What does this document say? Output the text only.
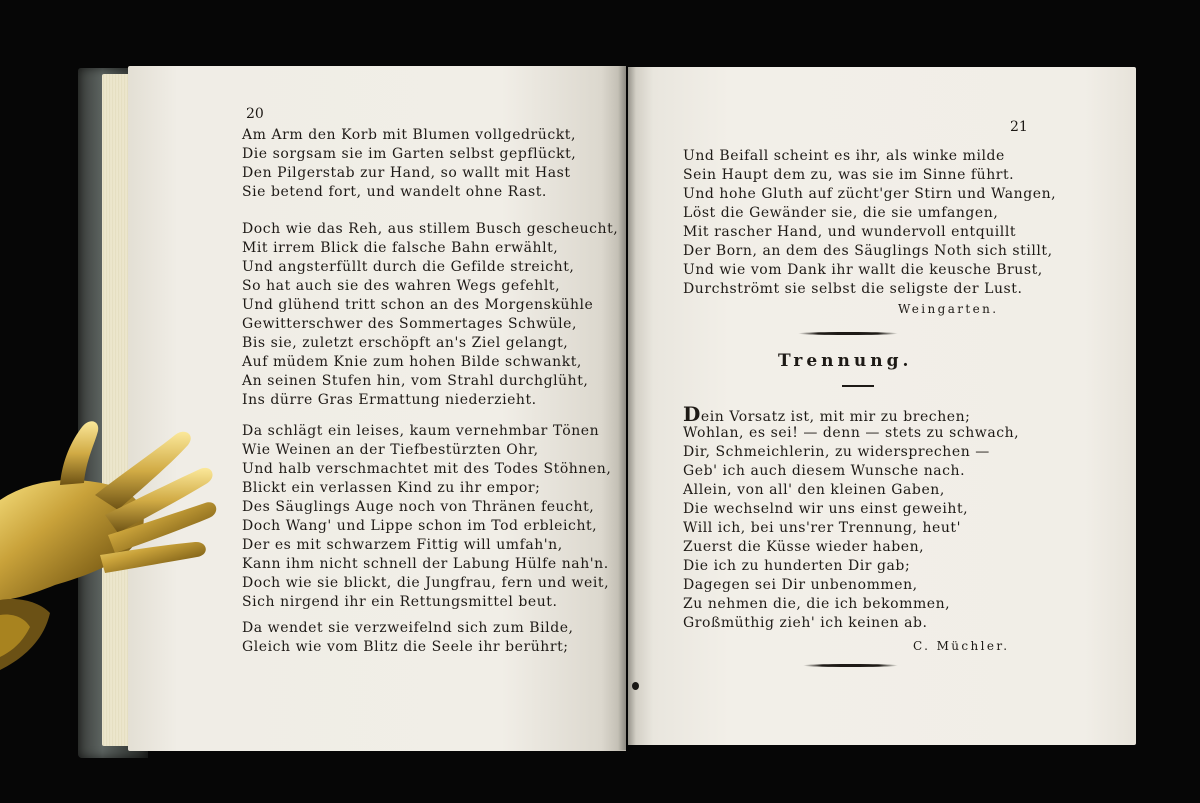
20
Am Arm den Korb mit Blumen vollgedrückt,
Die sorgsam sie im Garten selbst gepflückt,
Den Pilgerstab zur Hand, so wallt mit Hast
Sie betend fort, und wandelt ohne Rast.
Doch wie das Reh, aus stillem Busch gescheucht,
Mit irrem Blick die falsche Bahn erwählt,
Und angsterfüllt durch die Gefilde streicht,
So hat auch sie des wahren Wegs gefehlt,
Und glühend tritt schon an des Morgenskühle
Gewitterschwer des Sommertages Schwüle,
Bis sie, zuletzt erschöpft an's Ziel gelangt,
Auf müdem Knie zum hohen Bilde schwankt,
An seinen Stufen hin, vom Strahl durchglüht,
Ins dürre Gras Ermattung niederzieht.
Da schlägt ein leises, kaum vernehmbar Tönen
Wie Weinen an der Tiefbestürzten Ohr,
Und halb verschmachtet mit des Todes Stöhnen,
Blickt ein verlassen Kind zu ihr empor;
Des Säuglings Auge noch von Thränen feucht,
Doch Wang' und Lippe schon im Tod erbleicht,
Der es mit schwarzem Fittig will umfah'n,
Kann ihm nicht schnell der Labung Hülfe nah'n.
Doch wie sie blickt, die Jungfrau, fern und weit,
Sich nirgend ihr ein Rettungsmittel beut.
Da wendet sie verzweifelnd sich zum Bilde,
Gleich wie vom Blitz die Seele ihr berührt;
21
Und Beifall scheint es ihr, als winke milde
Sein Haupt dem zu, was sie im Sinne führt.
Und hohe Gluth auf zücht'ger Stirn und Wangen,
Löst die Gewänder sie, die sie umfangen,
Mit rascher Hand, und wundervoll entquillt
Der Born, an dem des Säuglings Noth sich stillt,
Und wie vom Dank ihr wallt die keusche Brust,
Durchströmt sie selbst die seligste der Lust.
Weingarten.
Trennung.
Dein Vorsatz ist, mit mir zu brechen;
Wohlan, es sei! — denn — stets zu schwach,
Dir, Schmeichlerin, zu widersprechen —
Geb' ich auch diesem Wunsche nach.
Allein, von all' den kleinen Gaben,
Die wechselnd wir uns einst geweiht,
Will ich, bei uns'rer Trennung, heut'
Zuerst die Küsse wieder haben,
Die ich zu hunderten Dir gab;
Dagegen sei Dir unbenommen,
Zu nehmen die, die ich bekommen,
Großmüthig zieh' ich keinen ab.
C. Müchler.
